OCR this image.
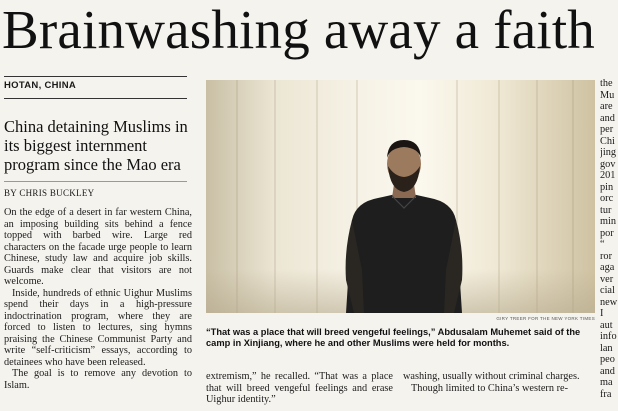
Brainwashing away a faith
HOTAN, CHINA
China detaining Muslims in its biggest internment program since the Mao era
BY CHRIS BUCKLEY

On the edge of a desert in far western China, an imposing building sits behind a fence topped with barbed wire. Large red characters on the facade urge people to learn Chinese, study law and acquire job skills. Guards make clear that visitors are not welcome.

Inside, hundreds of ethnic Uighur Muslims spend their days in a high-pressure indoctrination program, where they are forced to listen to lectures, sing hymns praising the Chinese Communist Party and write “self-criticism” essays, according to detainees who have been released.

The goal is to remove any devotion to Islam.

GIRY TREER FOR THE NEW YORK TIMES
“That was a place that will breed vengeful feelings,” Abdusalam Muhemet said of the camp in Xinjiang, where he and other Muslims were held for months.

extremism,” he recalled. “That was a place that will breed vengeful feelings and erase Uighur identity.”

washing, usually without criminal charges.

Though limited to China’s western re-

the
Mu
are
and
per
Chi
jing
gov
201
pin
orc
tur
min
por
“
ror
aga
ver
cial
new
I
aut
info
lan
peo
and
ma
fra
